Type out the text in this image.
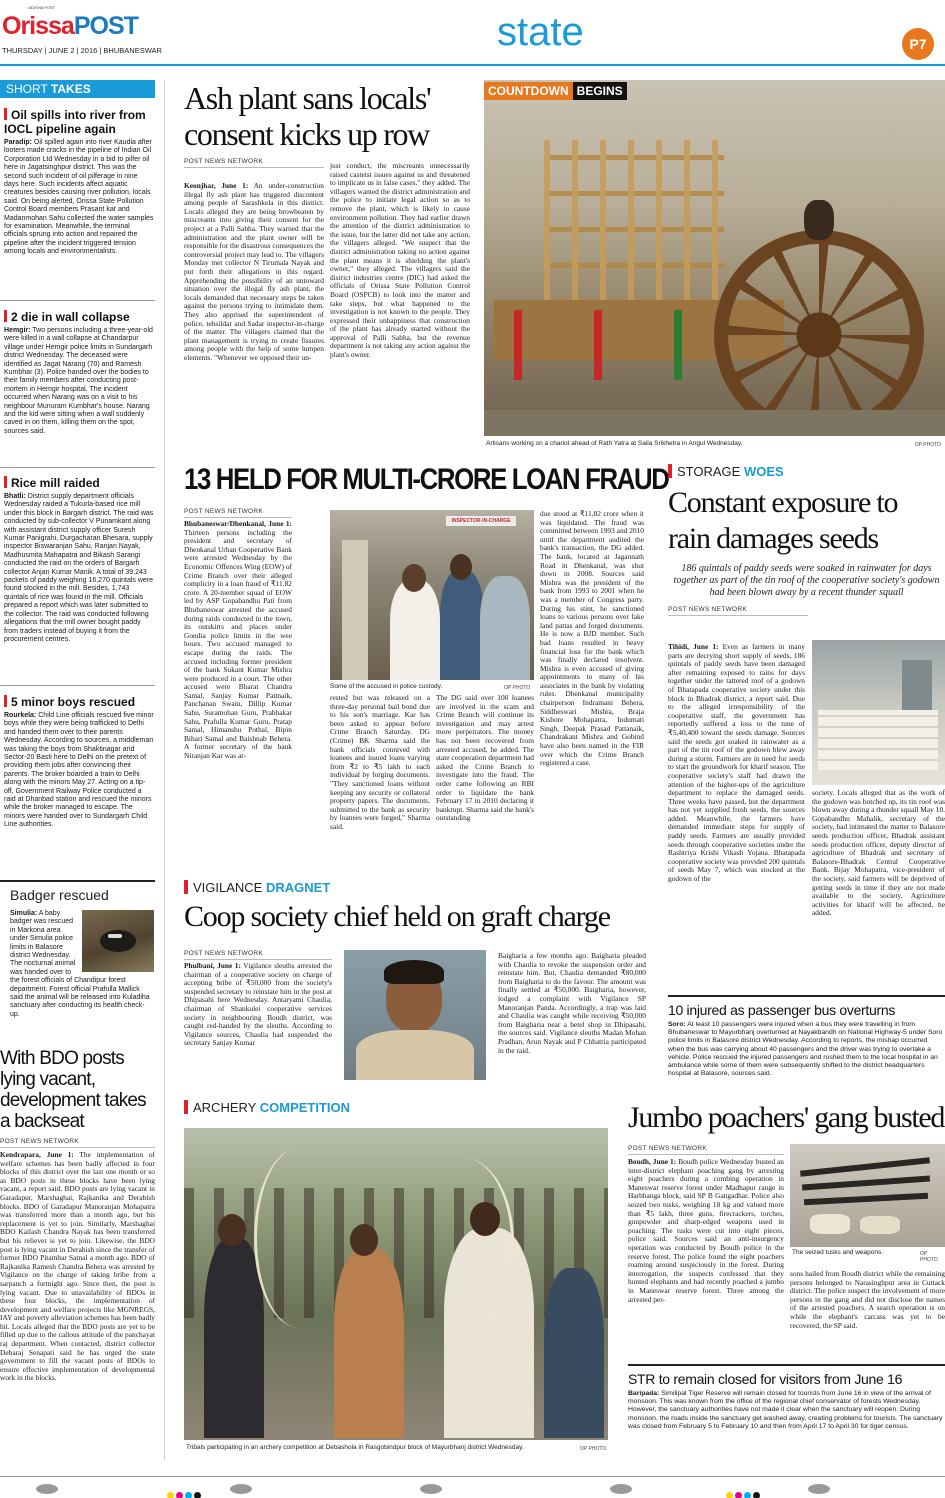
ODISHA POST
OrissaPOST
THURSDAY | JUNE 2 | 2016 | BHUBANESWAR	state	P7
SHORT TAKES
Oil spills into river from IOCL pipeline again
Paradip: Oil spilled again into river Kaudia after looters made cracks in the pipeline of Indian Oil Corporation Ltd Wednesday in a bid to pilfer oil here in Jagatsinghpur district. This was the second such incident of oil pilferage in nine days here. Such incidents affect aquatic creatures besides causing river pollution, locals said. On being alerted, Orissa State Pollution Control Board members Prasant kar and Madanmohan Sahu collected the water samples for examination. Meanwhile, the terminal officials sprung into action and repaired the pipeline after the incident triggered tension among locals and environmentalists.
2 die in wall collapse
Hemgir: Two persons including a three-year-old were killed in a wall collapse at Chandarpur village under Hemgir police limits in Sundargarh district Wednesday. The deceased were identified as Jagat Narang (70) and Ramesh Kumbhar (3). Police handed over the bodies to their family members after conducting post-mortem in Hemgir hospital. The incident occurred when Narang was on a visit to his neighbour Munuram Kumbhar's house. Narang and the kid were sitting when a wall suddenly caved in on them, killing them on the spot, sources said.
Rice mill raided
Bhatli: District supply department officials Wednesday raided a Tukurla-based rice mill under this block in Bargarh district. The raid was conducted by sub-collector V Punamkant along with assistant district supply officer Suresh Kumar Panigrahi, Durgacharan Bhesara, supply inspector Biswaranjan Sahu, Ranjan Nayak, Madhusmita Mahapatra and Bikash Sarangi conducted the raid on the orders of Bargarh collector Anjan Kumar Manik. A total of 39,243 packets of paddy weighing 16,270 quintals were found stocked in the mill. Besides, 1,743 quintals of rice was found in the mill. Officials prepared a report which was later submitted to the collector. The raid was conducted following allegations that the mill owner bought paddy from traders instead of buying it from the procurement centres.
5 minor boys rescued
Rourkela: Child Line officials rescued five minor boys while they were being trafficked to Delhi and handed them over to their parents Wednesday. According to sources, a middleman was taking the boys from Shaktinagar and Sector-20 Basti here to Delhi on the pretext of providing them jobs after convincing their parents. The broker boarded a train to Delhi along with the minors May 27. Acting on a tip-off, Government Railway Police conducted a raid at Dhanbad station and rescued the minors while the broker managed to escape. The minors were handed over to Sundargarh Child Line authorities.
Badger rescued
Simulia: A baby badger was rescued in Markona area under Simulia police limits in Balasore district Wednesday. The nocturnal animal was handed over to the forest officials of Chandipur forest department. Forest official Prafulla Mallick said the animal will be released into Kuladiha sanctuary after conducting its health check-up.
With BDO posts lying vacant, development takes a backseat
POST NEWS NETWORK
Kendrapara, June 1: The implementation of welfare schemes has been badly affected in four blocks of this district over the last one month or so as BDO posts in these blocks have been lying vacant, a report said. BDO posts are lying vacant in Garadapur, Marshaghai, Rajkanika and Derabish blocks. BDO of Garadapur Manoranjan Mohapatra was transferred more than a month ago, but his replacement is yet to join. Similarly, Marshaghai BDO Kailash Chandra Nayak has been transferred but his reliever is yet to join. Likewise, the BDO post is lying vacant in Derabish since the transfer of former BDO Pitambar Samal a month ago. BDO of Rajkanika Ramesh Chandra Behera was arrested by Vigilance on the charge of taking bribe from a sarpanch a fortnight ago. Since then, the post is lying vacant. Due to unavailability of BDOs in these four blocks, the implementation of development and welfare projects like MGNREGS, IAY and poverty alleviation schemes has been badly hit. Locals alleged that the BDO posts are yet to be filled up due to the callous attitude of the panchayat raj department. When contacted, district collector Debaraj Senapati said he has urged the state government to fill the vacant posts of BDOs to ensure effective implementation of developmental work in the blocks.
Ash plant sans locals' consent kicks up row
POST NEWS NETWORK
Keonjhar, June 1: An under-construction illegal fly ash plant has triggered discontent among people of Sarashkela in this district. Locals alleged they are being browbeaten by miscreants into giving their consent for the project at a Palli Sabha. They warned that the administration and the plant owner will be responsible for the disastrous consequences the controversial project may lead to. The villagers Monday met collector N Tirumala Nayak and put forth their allegations in this regard. Apprehending the possibility of an untoward situation over the illegal fly ash plant, the locals demanded that necessary steps be taken against the persons trying to intimidate them. They also apprised the superintendent of police, tehsildar and Sadar inspector-in-charge of the matter. The villagers claimed that the plant management is trying to create fissures among people with the help of some lumpen elements. "Whenever we opposed their un-
just conduct, the miscreants unnecessarily raised casteist issues against us and threatened to implicate us in false cases," they added. The villagers wanted the district administration and the police to initiate legal action so as to remove the plant, which is likely to cause environment pollution. They had earlier drawn the attention of the district administration to the issue, but the latter did not take any action, the villagers alleged. "We suspect that the district administration taking no action against the plant means it is shielding the plant's owner," they alleged. The villagers said the district industries centre (DIC) had asked the officials of Orissa State Pollution Control Board (OSPCB) to look into the matter and take steps, but what happened to the investigation is not known to the people. They expressed their unhappiness that construction of the plant has already started without the approval of Palli Sabha, but the revenue department is not taking any action against the plant's owner.
COUNTDOWN BEGINS
Artisans working on a chariot ahead of Rath Yatra at Saila Srikhetra in Angul Wednesday.	OP PHOTO
13 HELD FOR MULTI-CRORE LOAN FRAUD
POST NEWS NETWORK
Bhubaneswar/Dhenkanal, June 1: Thirteen persons including the president and secretary of Dhenkanal Urban Cooperative Bank were arrested Wednesday by the Economic Offences Wing (EOW) of Crime Branch over their alleged complicity in a loan fraud of ₹11.82 crore. A 20-member squad of EOW led by ASP Gopabandhu Pati from Bhubaneswar arrested the accused during raids conducted in the town, its outskirts and places under Gondia police limits in the wee hours. Two accused managed to escape during the raids. The accused including former president of the bank Sukant Kumar Mishra were produced in a court. The other accused were Bharat Chandra Samal, Sanjay Kumar Pattnaik, Panchanan Swain, Dillip Kumar Sahu, Suramohan Guru, Prabhakar Sahu, Prafulla Kumar Guru, Pratap Samal, Himanshu Pothal, Bipin Bihari Samal and Baishnab Behera. A former secretary of the bank Niranjan Kar was ar-
INSPECTOR-IN-CHARGE
Some of the accused in police custody.	OP PHOTO
rested but was released on a three-day personal bail bond due to his son's marriage. Kar has been asked to appear before Crime Branch Saturday. DG (Crime) BK Sharma said the bank officials connived with loanees and issued loans varying from ₹2 to ₹5 lakh to each individual by forging documents. "They sanctioned loans without keeping any security or collateral property papers. The documents, submitted to the bank as security by loanees were forged," Sharma said.
The DG said over 100 loanees are involved in the scam and Crime Branch will continue its investigation and may arrest more perpetrators. The money has not been recovered from arrested accused, he added. The state cooperation department had asked the Crime Branch to investigate into the fraud. The order came following an RBI order to liquidate the bank February 17 in 2010 declaring it bankrupt. Sharma said the bank's outstanding
due stood at ₹11.82 crore when it was liquidated. The fraud was committed between 1993 and 2010 until the department audited the bank's transaction, the DG added. The bank, located at Jagannath Road in Dhenkanal, was shut down in 2008. Sources said Mishra was the president of the bank from 1993 to 2001 when he was a member of Congress party. During his stint, he sanctioned loans to various persons over fake land pattas and forged documents. He is now a BJD member. Such bad loans resulted in heavy financial loss for the bank which was finally declared insolvent. Mishra is even accused of giving appointments to many of his associates in the bank by violating rules. Dhenkanal municipality chairperson Indramani Behera, Siddheswari Mishra, Braja Kishore Mohapatra, Indumati Singh, Deepak Prasad Pattanaik, Chandrakant Mishra and Gobind have also been named in the FIR over which the Crime Branch registered a case.
STORAGE WOES
Constant exposure to rain damages seeds
186 quintals of paddy seeds were soaked in rainwater for days together as part of the tin roof of the cooperative society's godown had been blown away by a recent thunder squall
POST NEWS NETWORK
Tihidi, June 1: Even as farmers in many parts are decrying short supply of seeds, 186 quintals of paddy seeds have been damaged after remaining exposed to rains for days together under the tattered roof of a godown of Bhatapada cooperative society under this block in Bhadrak district, a report said. Due to the alleged irresponsibility of the cooperative staff, the government has reportedly suffered a loss to the tune of ₹5,40,400 toward the seeds damage. Sources said the seeds got soaked in rainwater as a part of the tin roof of the godown blew away during a storm. Farmers are in need for seeds to start the groundwork for kharif season. The cooperative society's staff had drawn the attention of the higher-ups of the agriculture department to replace the damaged seeds. Three weeks have passed, but the department has not yet supplied fresh seeds, the sources added. Meanwhile, the farmers have demanded immediate steps for supply of paddy seeds. Farmers are usually provided seeds through cooperative societies under the Rashtriya Krishi Vikash Yojana. Bhatapada cooperative society was provided 200 quintals of seeds May 7, which was stocked at the godown of the
society. Locals alleged that as the work of the godown was botched up, its tin roof was blown away during a thunder squall May 10. Gopabandhu Mahalik, secretary of the society, had intimated the matter to Balasore seeds production officer, Bhadrak assistant seeds production officer, deputy director of agriculture of Bhadrak and secretary of Balasore-Bhadrak Central Cooperative Bank. Bijay Mohapatra, vice-president of the society, said farmers will be deprived of getting seeds in time if they are not made available to the society. Agriculture activities for kharif will be affected, he added.
VIGILANCE DRAGNET
Coop society chief held on graft charge
POST NEWS NETWORK
Phulbani, June 1: Vigilance sleuths arrested the chairman of a cooperative society on charge of accepting bribe of ₹50,000 from the society's suspended secretary to reinstate him in the post at Dhipasahi here Wednesday. Antaryami Chaulia, chairman of Shankulei cooperative services society in neighbouring Boudh district, was caught red-handed by the sleuths. According to Vigilance sources, Chaulia had suspended the secretary Sanjay Kumar
Baigharia a few months ago. Baigharia pleaded with Chaulia to revoke the suspension order and reinstate him. But, Chaulia demanded ₹80,000 from Baigharia to do the favour. The amount was finally settled at ₹50,000. Baigharia, however, lodged a complaint with Vigilance SP Manoranjan Panda. Accordingly, a trap was laid and Chaulia was caught while receiving ₹50,000 from Baigharia near a betel shop in Dhipasahi, the sources said. Vigilance sleuths Madan Mohan Pradhan, Arun Nayak and P Chhatria participated in the raid.
10 injured as passenger bus overturns
Soro: At least 10 passengers were injured when a bus they were travelling in from Bhubaneswar to Mayurbhanj overturned at Nayakbandh on National Highway-5 under Soro police limits in Balasore district Wednesday. According to reports, the mishap occurred when the bus was carrying about 40 passengers and the driver was trying to overtake a vehicle. Police rescued the injured passengers and rushed them to the local hospital in an ambulance while some of them were subsequently shifted to the district headquarters hospital at Balasore, sources said.
ARCHERY COMPETITION
Tribals participating in an archery competition at Debashola in Rasgobindpur block of Mayurbhanj district Wednesday.	OP PHOTO
Jumbo poachers' gang busted
POST NEWS NETWORK
Boudh, June 1: Boudh police Wednesday busted an inter-district elephant poaching gang by arresting eight poachers during a combing operation in Maneswar reserve forest under Madhapur range in Harbhanga block, said SP B Gangadhar. Police also seized two tusks, weighing 18 kg and valued more than ₹5 lakh, three guns, firecrackers, torches, gunpowder and sharp-edged weapons used in poaching. The tusks were cut into eight pieces, police said. Sources said an anti-insurgency operation was conducted by Boudh police in the reserve forest. The police found the eight poachers roaming around suspiciously in the forest. During interrogation, the suspects confessed that they hunted elephants and had recently poached a jumbo in Maneswar reserve forest. Three among the arrested per-
The seized tusks and weapons.	OP PHOTO
sons hailed from Boudh district while the remaining persons belonged to Narasinghpur area in Cuttack district. The police suspect the involvement of more persons in the gang and did not disclose the names of the arrested poachers. A search operation is on while the elephant's carcass was yet to be recovered, the SP said.
STR to remain closed for visitors from June 16
Baripada: Similipal Tiger Reserve will remain closed for tourists from June 16 in view of the arrival of monsoon. This was known from the office of the regional chief conservator of forests Wednesday. However, the sanctuary authorities have not made it clear when the sanctuary will reopen. During monsoon, the roads inside the sanctuary get washed away, creating problems for tourists. The sanctuary was closed from February 5 to February 10 and then from April 17 to April 30 for tiger census.
